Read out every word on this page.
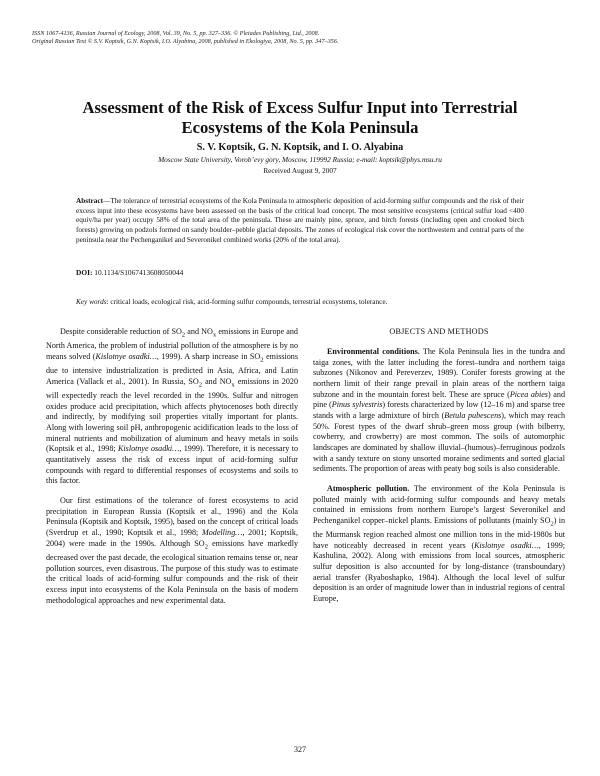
ISSN 1067-4136, Russian Journal of Ecology, 2008, Vol. 39, No. 5, pp. 327–336. © Pleiades Publishing, Ltd., 2008.
Original Russian Text © S.V. Koptsik, G.N. Koptsik, I.O. Alyabina, 2008, published in Ekologiya, 2008, No. 5, pp. 347–356.
Assessment of the Risk of Excess Sulfur Input into Terrestrial Ecosystems of the Kola Peninsula
S. V. Koptsik, G. N. Koptsik, and I. O. Alyabina
Moscow State University, Vorob’evy gory, Moscow, 119992 Russia; e-mail: koptsik@phys.msu.ru
Received August 9, 2007
Abstract—The tolerance of terrestrial ecosystems of the Kola Peninsula to atmospheric deposition of acid-forming sulfur compounds and the risk of their excess input into these ecosystems have been assessed on the basis of the critical load concept. The most sensitive ecosystems (critical sulfur load <400 equiv/ha per year) occupy 58% of the total area of the peninsula. These are mainly pine, spruce, and birch forests (including open and crooked birch forests) growing on podzols formed on sandy boulder–pebble glacial deposits. The zones of ecological risk cover the northwestern and central parts of the peninsula near the Pechenganikel and Severonikel combined works (20% of the total area).
DOI: 10.1134/S1067413608050044
Key words: critical loads, ecological risk, acid-forming sulfur compounds, terrestrial ecosystems, tolerance.

Despite considerable reduction of $SO_2$ and $NO_x$ emissions in Europe and North America, the problem of industrial pollution of the atmosphere is by no means solved (Kislotnye osadki…, 1999). A sharp increase in $SO_2$ emissions due to intensive industrialization is predicted in Asia, Africa, and Latin America (Vallack et al., 2001). In Russia, $SO_2$ and $NO_x$ emissions in 2020 will expectedly reach the level recorded in the 1990s. Sulfur and nitrogen oxides produce acid precipitation, which affects phytocenoses both directly and indirectly, by modifying soil properties vitally important for plants. Along with lowering soil pH, anthropogenic acidification leads to the loss of mineral nutrients and mobilization of aluminum and heavy metals in soils (Koptsik et al., 1998; Kislotnye osadki…, 1999). Therefore, it is necessary to quantitatively assess the risk of excess input of acid-forming sulfur compounds with regard to differential responses of ecosystems and soils to this factor.

Our first estimations of the tolerance of forest ecosystems to acid precipitation in European Russia (Koptsik et al., 1996) and the Kola Peninsula (Koptsik and Koptsik, 1995), based on the concept of critical loads (Sverdrup et al., 1990; Koptsik et al., 1998; Modelling…, 2001; Koptsik, 2004) were made in the 1990s. Although $SO_2$ emissions have markedly decreased over the past decade, the ecological situation remains tense or, near pollution sources, even disastrous. The purpose of this study was to estimate the critical loads of acid-forming sulfur compounds and the risk of their excess input into ecosystems of the Kola Peninsula on the basis of modern methodological approaches and new experimental data.

OBJECTS AND METHODS

Environmental conditions. The Kola Peninsula lies in the tundra and taiga zones, with the latter including the forest–tundra and northern taiga subzones (Nikonov and Pereverzev, 1989). Conifer forests growing at the northern limit of their range prevail in plain areas of the northern taiga subzone and in the mountain forest belt. These are spruce (Picea abies) and pine (Pinus sylvestris) forests characterized by low (12–16 m) and sparse tree stands with a large admixture of birch (Betula pubescens), which may reach 50%. Forest types of the dwarf shrub–green moss group (with bilberry, cowberry, and crowberry) are most common. The soils of automorphic landscapes are dominated by shallow illuvial–(humous)–ferruginous podzols with a sandy texture on stony unsorted moraine sediments and sorted glacial sediments. The proportion of areas with peaty bog soils is also considerable.

Atmospheric pollution. The environment of the Kola Peninsula is polluted mainly with acid-forming sulfur compounds and heavy metals contained in emissions from northern Europe’s largest Severonikel and Pechenganikel copper–nickel plants. Emissions of pollutants (mainly $SO_2$) in the Murmansk region reached almost one million tons in the mid-1980s but have noticeably decreased in recent years (Kislotnye osadki…, 1999; Kashulina, 2002). Along with emissions from local sources, atmospheric sulfur deposition is also accounted for by long-distance (transboundary) aerial transfer (Ryaboshapko, 1984). Although the local level of sulfur deposition is an order of magnitude lower than in industrial regions of central Europe,

327
